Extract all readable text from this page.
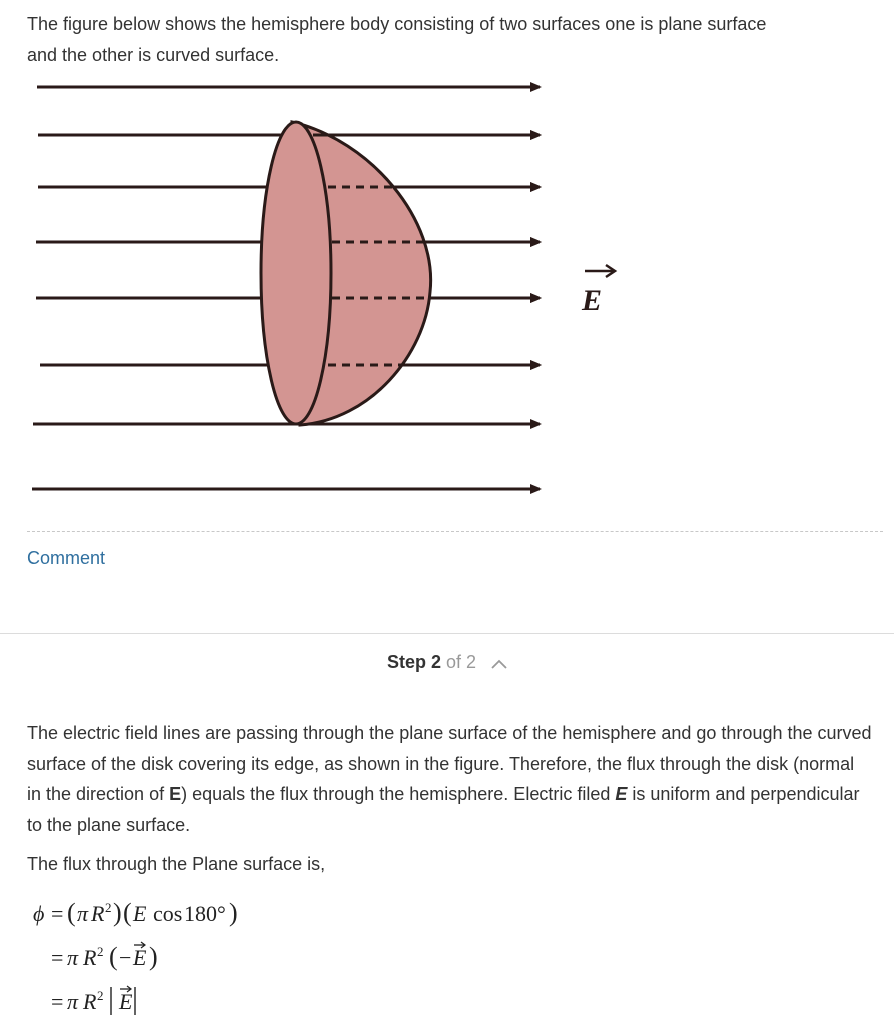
The figure below shows the hemisphere body consisting of two surfaces one is plane surface
and the other is curved surface.
E
Comment
Step 2 of 2

The electric field lines are passing through the plane surface of the hemisphere and go through the curved surface of the disk covering its edge, as shown in the figure. Therefore, the flux through the disk (normal in the direction of E) equals the flux through the hemisphere. Electric filed E is uniform and perpendicular to the plane surface.

The flux through the Plane surface is,

ϕ = ( π R 2 ) ( E cos 180° )
= π R 2 ( − E )
= π R 2 E
